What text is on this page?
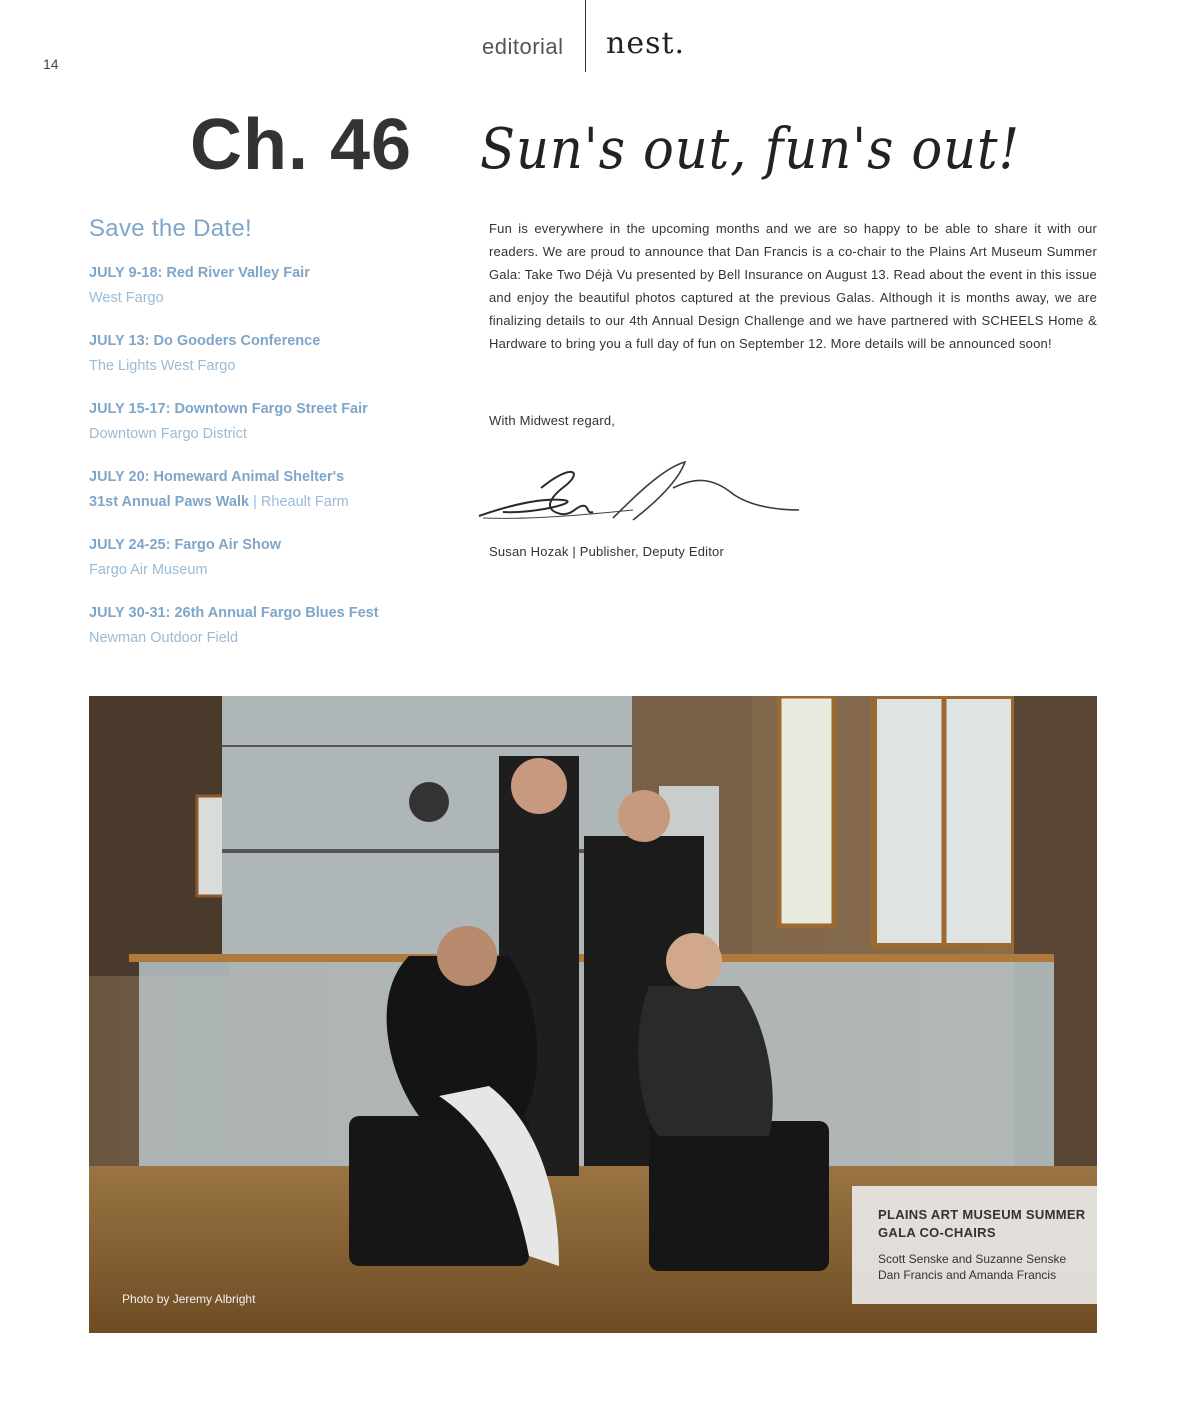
14
editorial nest.
Ch. 46 Sun's out, fun's out!
Save the Date!
JULY 9-18: Red River Valley Fair
West Fargo
JULY 13: Do Gooders Conference
The Lights West Fargo
JULY 15-17: Downtown Fargo Street Fair
Downtown Fargo District
JULY 20: Homeward Animal Shelter's
31st Annual Paws Walk | Rheault Farm
JULY 24-25: Fargo Air Show
Fargo Air Museum
JULY 30-31: 26th Annual Fargo Blues Fest
Newman Outdoor Field
Fun is everywhere in the upcoming months and we are so happy to be able to share it with our readers. We are proud to announce that Dan Francis is a co-chair to the Plains Art Museum Summer Gala: Take Two Déjà Vu presented by Bell Insurance on August 13. Read about the event in this issue and enjoy the beautiful photos captured at the previous Galas. Although it is months away, we are finalizing details to our 4th Annual Design Challenge and we have partnered with SCHEELS Home & Hardware to bring you a full day of fun on September 12. More details will be announced soon!
With Midwest regard,
Susan Hozak | Publisher, Deputy Editor
Photo by Jeremy Albright
PLAINS ART MUSEUM SUMMER GALA CO-CHAIRS
Scott Senske and Suzanne Senske
Dan Francis and Amanda Francis
